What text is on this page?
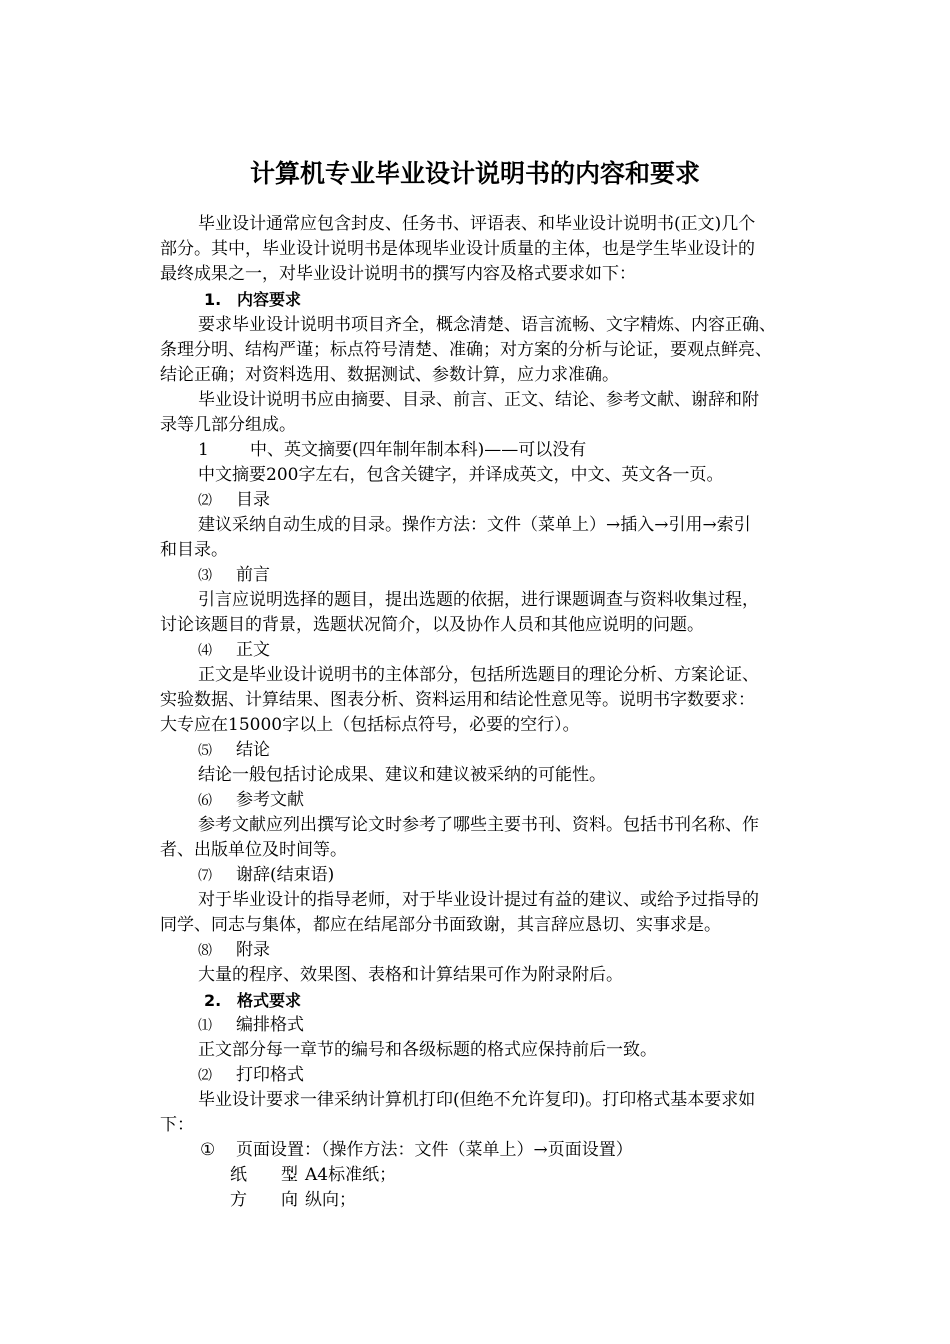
计算机专业毕业设计说明书的内容和要求
毕业设计通常应包含封皮、任务书、评语表、和毕业设计说明书(正文)几个
部分。其中，毕业设计说明书是体现毕业设计质量的主体，也是学生毕业设计的
最终成果之一，对毕业设计说明书的撰写内容及格式要求如下：
1. 内容要求
要求毕业设计说明书项目齐全，概念清楚、语言流畅、文字精炼、内容正确、
条理分明、结构严谨；标点符号清楚、准确；对方案的分析与论证，要观点鲜亮、
结论正确；对资料选用、数据测试、参数计算，应力求准确。
毕业设计说明书应由摘要、目录、前言、正文、结论、参考文献、谢辞和附
录等几部分组成。
1 中、英文摘要(四年制年制本科)——可以没有
中文摘要200字左右，包含关键字，并译成英文，中文、英文各一页。
⑵ 目录
建议采纳自动生成的目录。操作方法：文件（菜单上）→插入→引用→索引
和目录。
⑶ 前言
引言应说明选择的题目，提出选题的依据，进行课题调查与资料收集过程，
讨论该题目的背景，选题状况简介，以及协作人员和其他应说明的问题。
⑷ 正文
正文是毕业设计说明书的主体部分，包括所选题目的理论分析、方案论证、
实验数据、计算结果、图表分析、资料运用和结论性意见等。说明书字数要求：
大专应在15000字以上（包括标点符号，必要的空行）。
⑸ 结论
结论一般包括讨论成果、建议和建议被采纳的可能性。
⑹ 参考文献
参考文献应列出撰写论文时参考了哪些主要书刊、资料。包括书刊名称、作
者、出版单位及时间等。
⑺ 谢辞(结束语)
对于毕业设计的指导老师，对于毕业设计提过有益的建议、或给予过指导的
同学、同志与集体，都应在结尾部分书面致谢，其言辞应恳切、实事求是。
⑻ 附录
大量的程序、效果图、表格和计算结果可作为附录附后。
2. 格式要求
⑴ 编排格式
正文部分每一章节的编号和各级标题的格式应保持前后一致。
⑵ 打印格式
毕业设计要求一律采纳计算机打印(但绝不允许复印)。打印格式基本要求如
下：
① 页面设置：（操作方法：文件（菜单上）→页面设置）
纸　　型：A4标准纸；
方　　向：纵向；
